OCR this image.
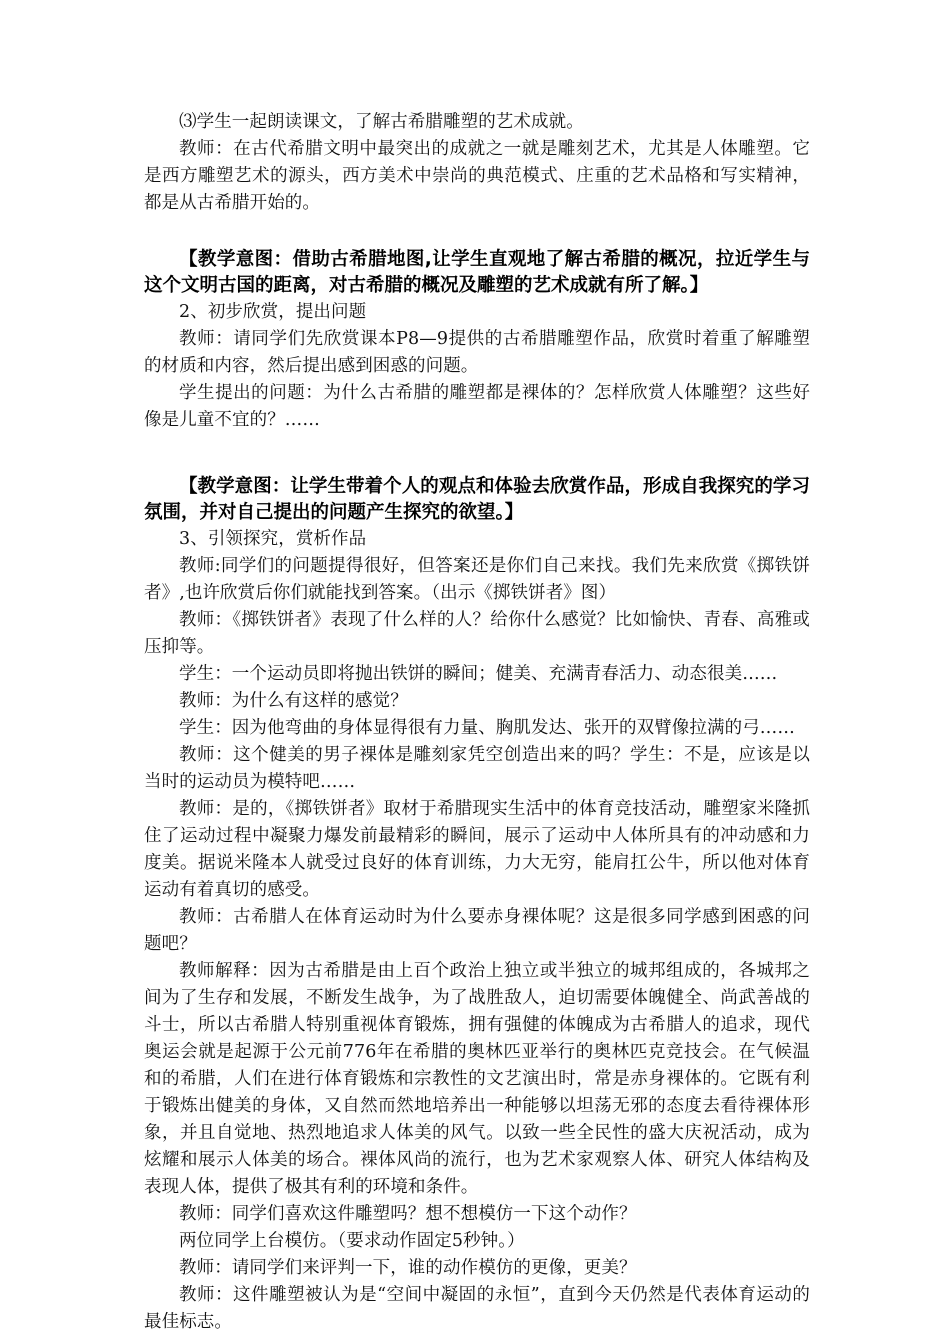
⑶学生一起朗读课文，了解古希腊雕塑的艺术成就。

教师：在古代希腊文明中最突出的成就之一就是雕刻艺术，尤其是人体雕塑。它是西方雕塑艺术的源头，西方美术中崇尚的典范模式、庄重的艺术品格和写实精神，都是从古希腊开始的。

【教学意图：借助古希腊地图,让学生直观地了解古希腊的概况，拉近学生与这个文明古国的距离，对古希腊的概况及雕塑的艺术成就有所了解。】

2、初步欣赏，提出问题

教师：请同学们先欣赏课本P8—9提供的古希腊雕塑作品，欣赏时着重了解雕塑的材质和内容，然后提出感到困惑的问题。

学生提出的问题：为什么古希腊的雕塑都是裸体的？怎样欣赏人体雕塑？这些好像是儿童不宜的？……

【教学意图：让学生带着个人的观点和体验去欣赏作品，形成自我探究的学习氛围，并对自己提出的问题产生探究的欲望。】

3、引领探究，赏析作品

教师:同学们的问题提得很好，但答案还是你们自己来找。我们先来欣赏《掷铁饼者》,也许欣赏后你们就能找到答案。（出示《掷铁饼者》图）

教师：《掷铁饼者》表现了什么样的人？给你什么感觉？比如愉快、青春、高雅或压抑等。

学生：一个运动员即将抛出铁饼的瞬间；健美、充满青春活力、动态很美……

教师：为什么有这样的感觉？

学生：因为他弯曲的身体显得很有力量、胸肌发达、张开的双臂像拉满的弓……

教师：这个健美的男子裸体是雕刻家凭空创造出来的吗？学生：不是，应该是以当时的运动员为模特吧……

教师：是的，《掷铁饼者》取材于希腊现实生活中的体育竞技活动，雕塑家米隆抓住了运动过程中凝聚力爆发前最精彩的瞬间，展示了运动中人体所具有的冲动感和力度美。据说米隆本人就受过良好的体育训练，力大无穷，能肩扛公牛，所以他对体育运动有着真切的感受。

教师：古希腊人在体育运动时为什么要赤身裸体呢？这是很多同学感到困惑的问题吧？

教师解释：因为古希腊是由上百个政治上独立或半独立的城邦组成的，各城邦之间为了生存和发展，不断发生战争，为了战胜敌人，迫切需要体魄健全、尚武善战的斗士，所以古希腊人特别重视体育锻炼，拥有强健的体魄成为古希腊人的追求，现代奥运会就是起源于公元前776年在希腊的奥林匹亚举行的奥林匹克竞技会。在气候温和的希腊，人们在进行体育锻炼和宗教性的文艺演出时，常是赤身裸体的。它既有利于锻炼出健美的身体，又自然而然地培养出一种能够以坦荡无邪的态度去看待裸体形象，并且自觉地、热烈地追求人体美的风气。以致一些全民性的盛大庆祝活动，成为炫耀和展示人体美的场合。裸体风尚的流行，也为艺术家观察人体、研究人体结构及表现人体，提供了极其有利的环境和条件。

教师：同学们喜欢这件雕塑吗？想不想模仿一下这个动作？

两位同学上台模仿。（要求动作固定5秒钟。）

教师：请同学们来评判一下，谁的动作模仿的更像，更美？

教师：这件雕塑被认为是“空间中凝固的永恒”，直到今天仍然是代表体育运动的最佳标志。
